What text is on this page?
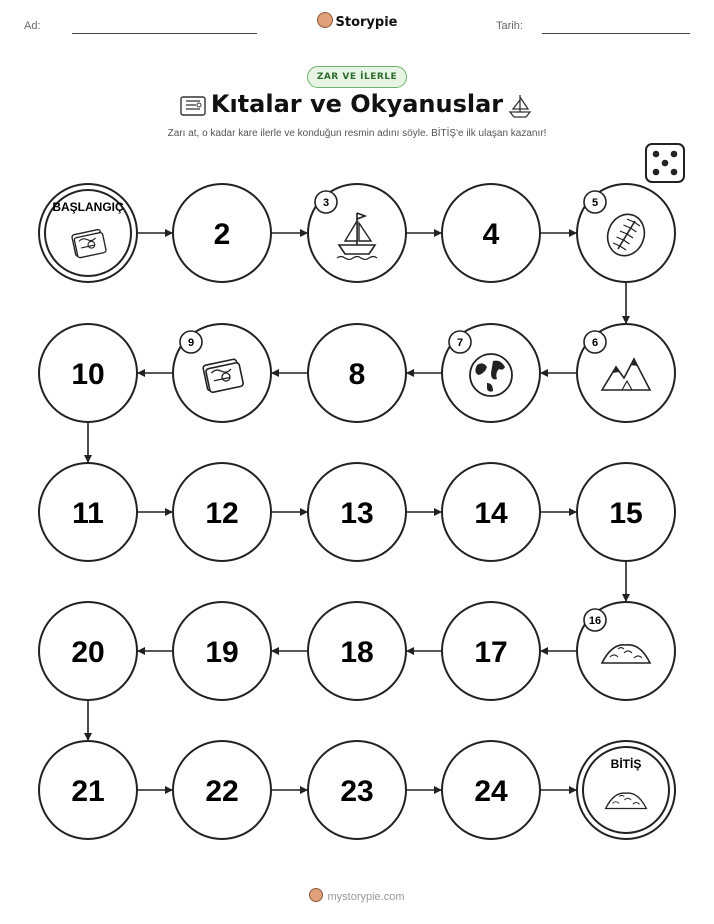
Ad:	Storypie	Tarih:
ZAR VE İLERLE
Kıtalar ve Okyanuslar
Zarı at, o kadar kare ilerle ve konduğun resmin adını söyle. BİTİŞ'e ilk ulaşan kazanır!
BAŞLANGIÇ
2
3
4
5
6
7
8
9
10
11	12	13	14	15
16
17
18
19
20
21	22	23	24
BİTİŞ
mystorypie.com
